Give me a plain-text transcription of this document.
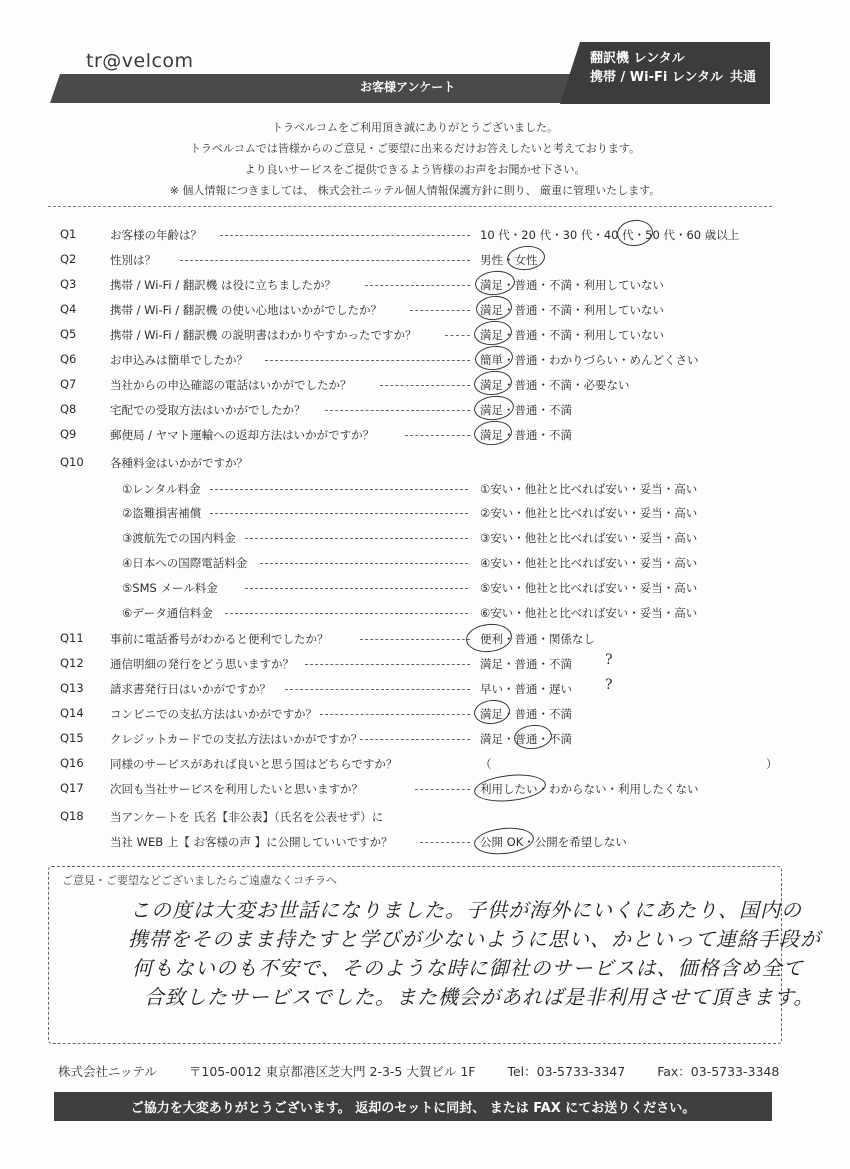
tr@velcom
お客様アンケート
翻訳機 レンタル
携帯 / Wi-Fi レンタル 共通
トラベルコムをご利用頂き誠にありがとうございました。
トラベルコムでは皆様からのご意見・ご要望に出来るだけお答えしたいと考えております。
より良いサービスをご提供できるよう皆様のお声をお聞かせ下さい。
※ 個人情報につきましては、 株式会社ニッテル個人情報保護方針に則り、 厳重に管理いたします。
Q1	お客様の年齢は？	10 代・20 代・30 代・40 代・50 代・60 歳以上
Q2	性別は？	男性・女性
Q3	携帯 / Wi-Fi / 翻訳機 は役に立ちましたか？	満足・普通・不満・利用していない
Q4	携帯 / Wi-Fi / 翻訳機 の使い心地はいかがでしたか？	満足・普通・不満・利用していない
Q5	携帯 / Wi-Fi / 翻訳機 の説明書はわかりやすかったですか？	満足・普通・不満・利用していない
Q6	お申込みは簡単でしたか？	簡単・普通・わかりづらい・めんどくさい
Q7	当社からの申込確認の電話はいかがでしたか？	満足・普通・不満・必要ない
Q8	宅配での受取方法はいかがでしたか？	満足・普通・不満
Q9	郵便局 / ヤマト運輸への返却方法はいかがですか？	満足・普通・不満
Q10	各種料金はいかがですか？
①レンタル料金	①安い・他社と比べれば安い・妥当・高い
②盗難損害補償	②安い・他社と比べれば安い・妥当・高い
③渡航先での国内料金	③安い・他社と比べれば安い・妥当・高い
④日本への国際電話料金	④安い・他社と比べれば安い・妥当・高い
⑤SMS メール料金	⑤安い・他社と比べれば安い・妥当・高い
⑥データ通信料金	⑥安い・他社と比べれば安い・妥当・高い
Q11	事前に電話番号がわかると便利でしたか？	便利・普通・関係なし
Q12	通信明細の発行をどう思いますか？	満足・普通・不満 ?
Q13	請求書発行日はいかがですか？	早い・普通・遅い ?
Q14	コンビニでの支払方法はいかがですか？	満足・普通・不満
Q15	クレジットカードでの支払方法はいかがですか？	満足・普通・不満
Q16	同様のサービスがあれば良いと思う国はどちらですか？	（	）
Q17	次回も当社サービスを利用したいと思いますか？	利用したい・わからない・利用したくない
Q18	当アンケートを 氏名【非公表】（氏名を公表せず）に
当社 WEB 上【 お客様の声 】に公開していいですか？	公開 OK・公開を希望しない
ご意見・ご要望などございましたらご遠慮なくコチラへ
この度は大変お世話になりました。子供が海外にいくにあたり、国内の
携帯をそのまま持たすと学びが少ないように思い、かといって連絡手段が
何もないのも不安で、そのような時に御社のサービスは、価格含め全て
合致したサービスでした。また機会があれば是非利用させて頂きます。
株式会社ニッテル	〒105-0012 東京都港区芝大門 2-3-5 大賀ビル 1F	Tel：03-5733-3347	Fax：03-5733-3348
ご協力を大変ありがとうございます。 返却のセットに同封、 または FAX にてお送りください。
